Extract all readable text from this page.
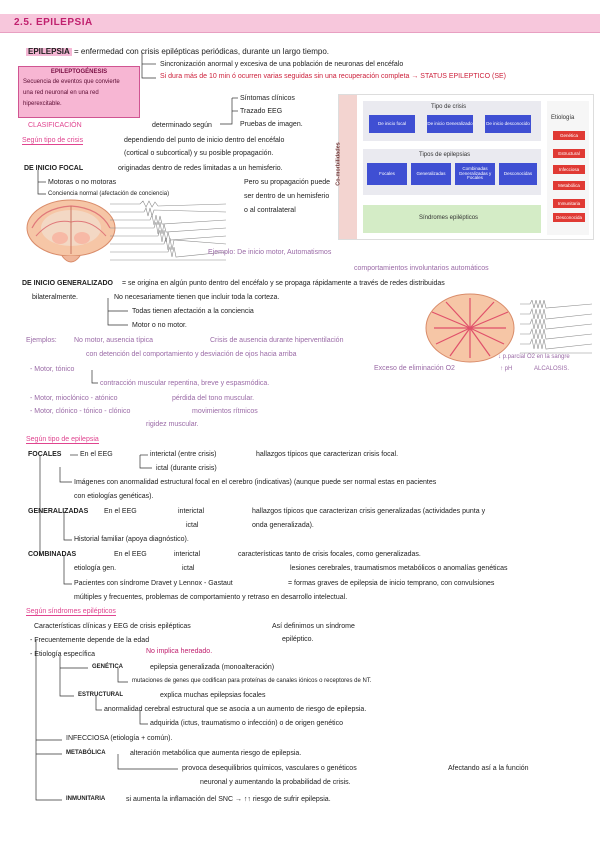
2.5. EPILEPSIA
EPILEPSIA = enfermedad con crisis epilépticas periódicas, durante un largo tiempo.
Sincronización anormal y excesiva de una población de neuronas del encéfalo
Si dura más de 10 min ó ocurren varias seguidas sin una recuperación completa → STATUS EPILEPTICO (SE)
EPILEPTOGÉNESIS
Secuencia de eventos que convierte
una red neuronal en una red
hiperexcitable.
Síntomas clínicos
Trazado EEG
Pruebas de imagen.
CLASIFICACIÓN	determinado según
Según tipo de crisis	dependiendo del punto de inicio dentro del encéfalo
(cortical o subcortical) y su posible propagación.
DE INICIO FOCAL	originadas dentro de redes limitadas a un hemisferio.
Motoras o no motoras
Conciencia normal (afectación de conciencia)
Pero su propagación puede
ser dentro de un hemisferio
o al contralateral
Co-morbilidades
Tipo de crisis
De inicio focal	De inicio Generalizado	De inicio desconocido
Tipos de epilepsias
Focales	Generalizadas
Combinadas Generalizadas y Focales
Desconocidas
Síndromes epilépticos
Etiología
Genética
Estructural
Infecciosa
Metabólica
Inmunitaria
Desconocida
Ejemplo: De inicio motor, Automatismos
comportamientos involuntarios automáticos
DE INICIO GENERALIZADO = se origina en algún punto dentro del encéfalo y se propaga rápidamente a través de redes distribuidas
bilateralmente.	No necesariamente tienen que incluir toda la corteza.
Todas tienen afectación a la conciencia
Motor o no motor.
Ejemplos: No motor, ausencia típica	Crisis de ausencia durante hiperventilación
con detención del comportamiento y desviación de ojos hacia arriba
Exceso de eliminación O2
↓ p.parcial O2 en la sangre
↑ pH	ALCALOSIS.
- Motor, tónico
contracción muscular repentina, breve y espasmódica.
- Motor, mioclónico - atónico	pérdida del tono muscular.
- Motor, clónico - tónico - clónico	movimientos rítmicos
rigidez muscular.
Según tipo de epilepsia
FOCALES	En el EEG	interictal (entre crisis)
ictal (durante crisis)
hallazgos típicos que caracterizan crisis focal.
Imágenes con anormalidad estructural focal en el cerebro (indicativas) (aunque puede ser normal estas en pacientes
con etiologías genéticas).
GENERALIZADAS En el EEG	interictal
ictal
hallazgos típicos que caracterizan crisis generalizadas (actividades punta y
onda generalizada).
Historial familiar (apoya diagnóstico).
COMBINADAS	En el EEG	interictal	características tanto de crisis focales, como generalizadas.
etiología gen.	ictal	lesiones cerebrales, traumatismos metabólicos o anomalías genéticas
Pacientes con síndrome Dravet y Lennox - Gastaut	= formas graves de epilepsia de inicio temprano, con convulsiones
múltiples y frecuentes, problemas de comportamiento y retraso en desarrollo intelectual.
Según síndromes epilépticos
Características clínicas y EEG de crisis epilépticas	Así definimos un síndrome
epiléptico.
- Frecuentemente depende de la edad
- Etiología específica	No implica heredado.
GENÉTICA	epilepsia generalizada (monoalteración)
mutaciones de genes que codifican para proteínas de canales iónicos o receptores de NT.
ESTRUCTURAL	explica muchas epilepsias focales
anormalidad cerebral estructural que se asocia a un aumento de riesgo de epilepsia.
adquirida (ictus, traumatismo o infección) o de origen genético
INFECCIOSA (etiología + común).
METABÓLICA	alteración metabólica que aumenta riesgo de epilepsia.
provoca desequilibrios químicos, vasculares o genéticos	Afectando así a la función
neuronal y aumentando la probabilidad de crisis.
INMUNITARIA	si aumenta la inflamación del SNC → ↑↑ riesgo de sufrir epilepsia.
